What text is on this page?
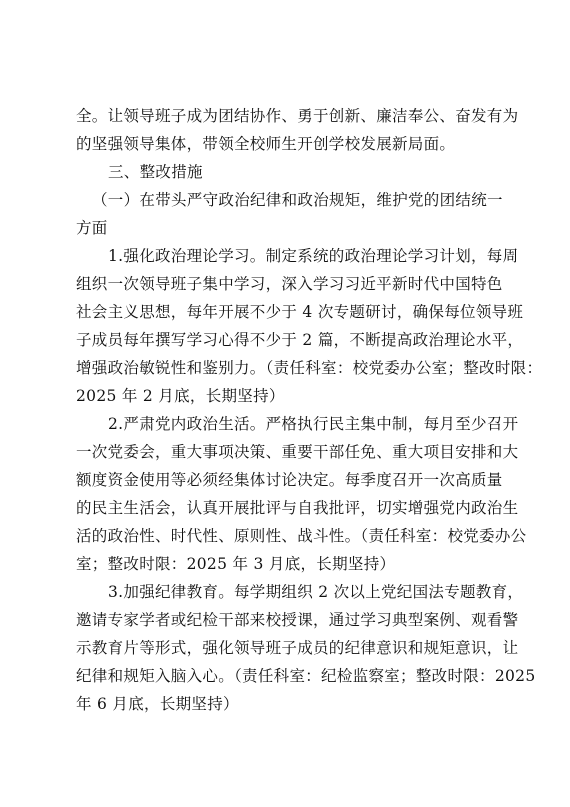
全。让领导班子成为团结协作、勇于创新、廉洁奉公、奋发有为
的坚强领导集体，带领全校师生开创学校发展新局面。
三、整改措施
（一）在带头严守政治纪律和政治规矩，维护党的团结统一
方面
1.强化政治理论学习。制定系统的政治理论学习计划，每周
组织一次领导班子集中学习，深入学习习近平新时代中国特色
社会主义思想，每年开展不少于 4 次专题研讨，确保每位领导班
子成员每年撰写学习心得不少于 2 篇，不断提高政治理论水平，
增强政治敏锐性和鉴别力。（责任科室：校党委办公室；整改时限：
2025 年 2 月底，长期坚持）
2.严肃党内政治生活。严格执行民主集中制，每月至少召开
一次党委会，重大事项决策、重要干部任免、重大项目安排和大
额度资金使用等必须经集体讨论决定。每季度召开一次高质量
的民主生活会，认真开展批评与自我批评，切实增强党内政治生
活的政治性、时代性、原则性、战斗性。（责任科室：校党委办公
室；整改时限：2025 年 3 月底，长期坚持）
3.加强纪律教育。每学期组织 2 次以上党纪国法专题教育，
邀请专家学者或纪检干部来校授课，通过学习典型案例、观看警
示教育片等形式，强化领导班子成员的纪律意识和规矩意识，让
纪律和规矩入脑入心。（责任科室：纪检监察室；整改时限：2025
年 6 月底，长期坚持）
